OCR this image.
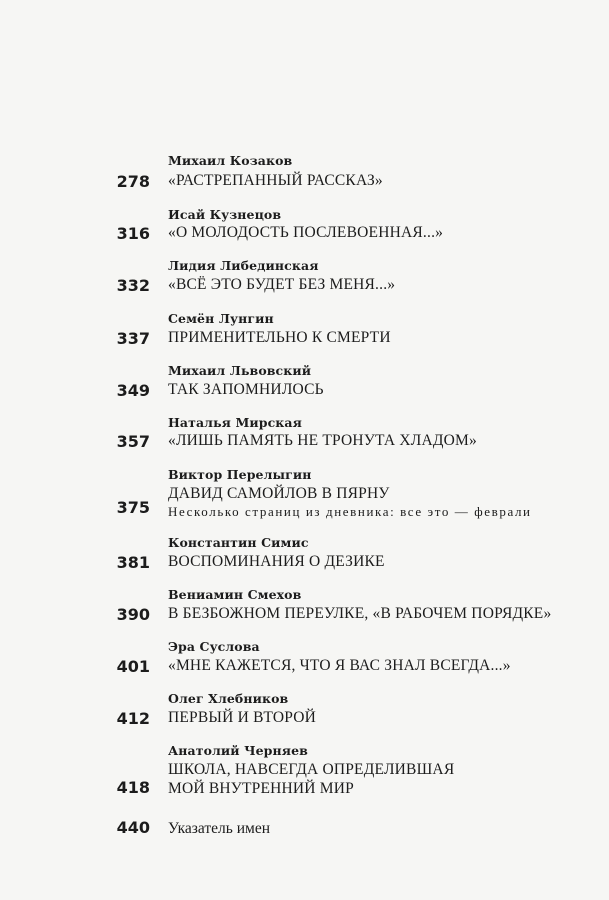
Михаил Козаков
278 «РАСТРЕПАННЫЙ РАССКАЗ»
Исай Кузнецов
316 «О МОЛОДОСТЬ ПОСЛЕВОЕННАЯ...»
Лидия Либединская
332 «ВСЁ ЭТО БУДЕТ БЕЗ МЕНЯ...»
Семён Лунгин
337 ПРИМЕНИТЕЛЬНО К СМЕРТИ
Михаил Львовский
349 ТАК ЗАПОМНИЛОСЬ
Наталья Мирская
357 «ЛИШЬ ПАМЯТЬ НЕ ТРОНУТА ХЛАДОМ»
Виктор Перелыгин
ДАВИД САМОЙЛОВ В ПЯРНУ
375 Несколько страниц из дневника: все это — феврали
Константин Симис
381 ВОСПОМИНАНИЯ О ДЕЗИКЕ
Вениамин Смехов
390 В БЕЗБОЖНОМ ПЕРЕУЛКЕ, «В РАБОЧЕМ ПОРЯДКЕ»
Эра Суслова
401 «МНЕ КАЖЕТСЯ, ЧТО Я ВАС ЗНАЛ ВСЕГДА...»
Олег Хлебников
412 ПЕРВЫЙ И ВТОРОЙ
Анатолий Черняев
ШКОЛА, НАВСЕГДА ОПРЕДЕЛИВШАЯ
418 МОЙ ВНУТРЕННИЙ МИР
440 Указатель имен
